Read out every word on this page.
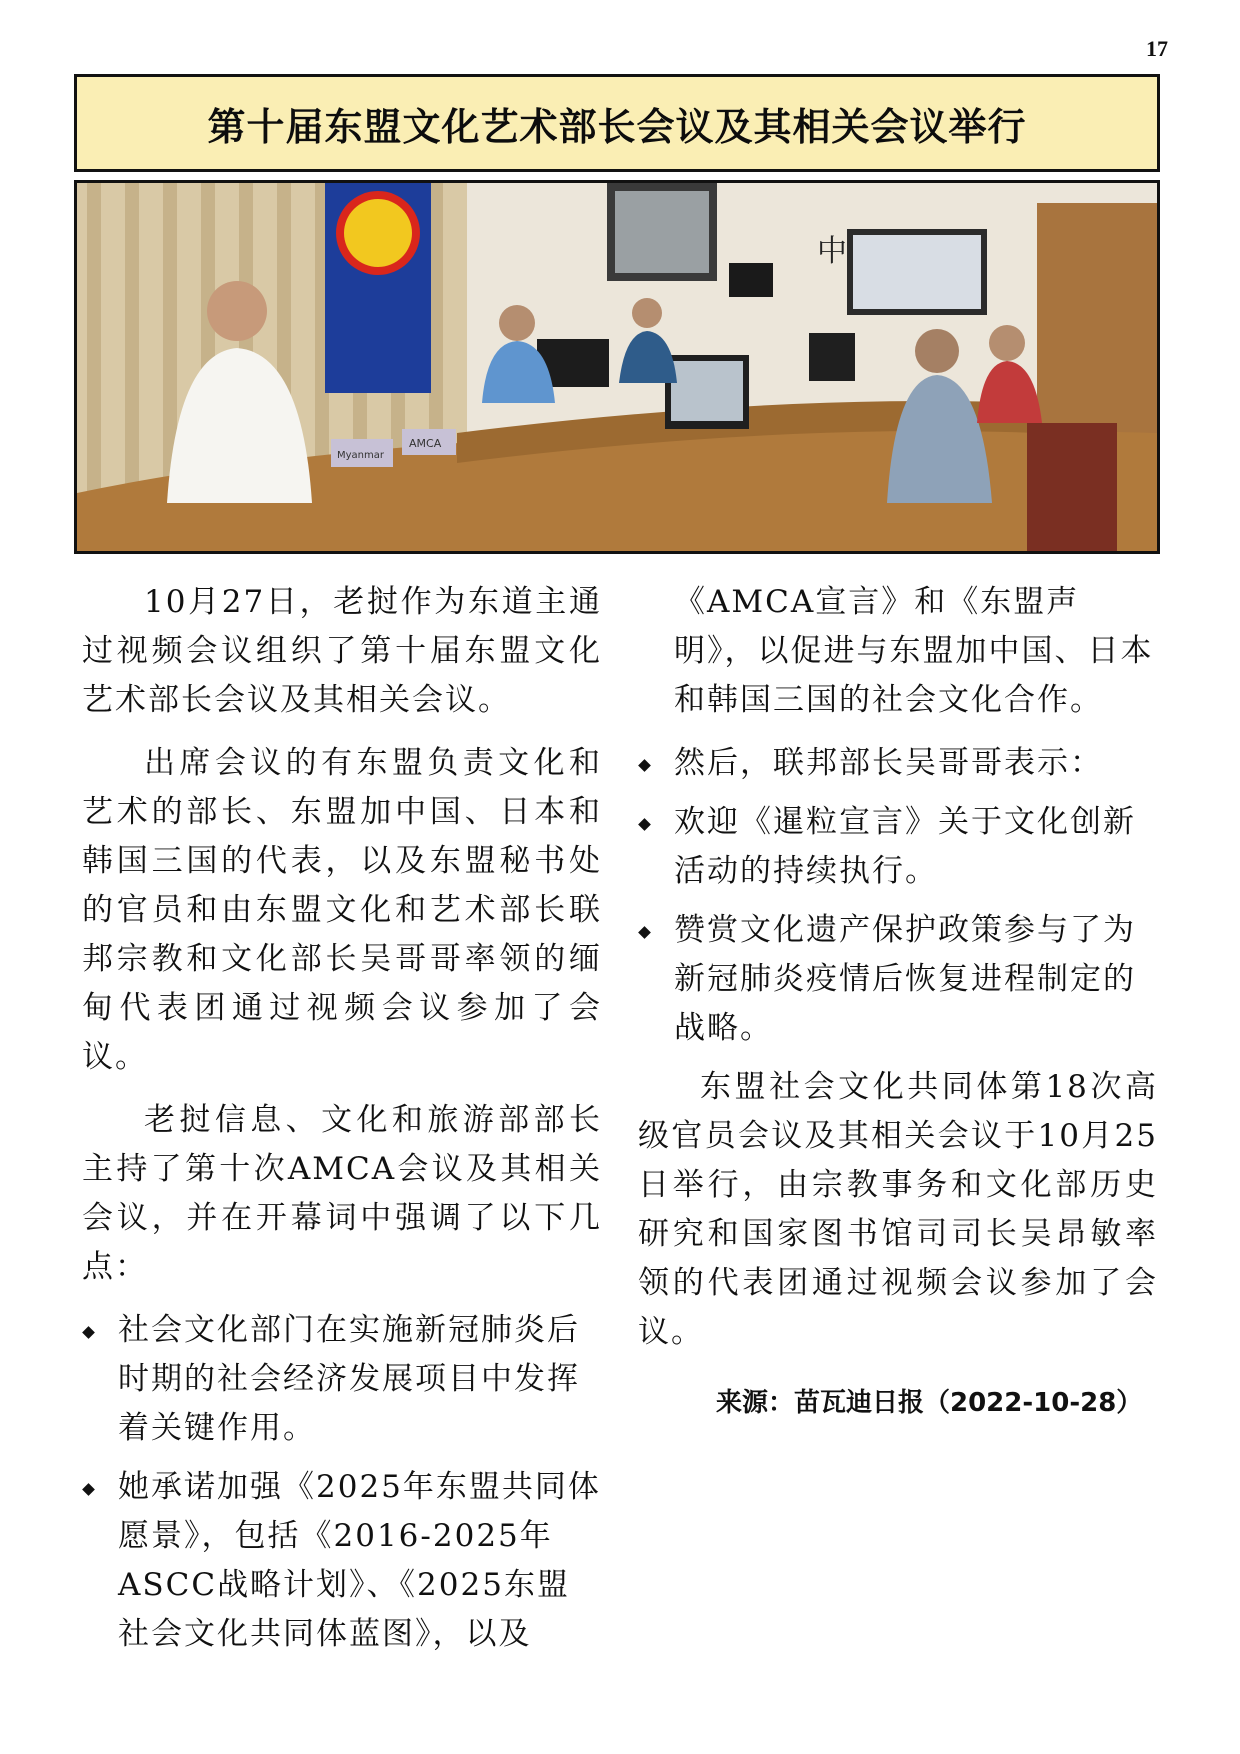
17
第十届东盟文化艺术部长会议及其相关会议举行
中
Myanmar
AMCA

10月27日，老挝作为东道主通过视频会议组织了第十届东盟文化艺术部长会议及其相关会议。

出席会议的有东盟负责文化和艺术的部长、东盟加中国、日本和韩国三国的代表，以及东盟秘书处的官员和由东盟文化和艺术部长联邦宗教和文化部长吴哥哥率领的缅甸代表团通过视频会议参加了会议。

老挝信息、文化和旅游部部长主持了第十次AMCA会议及其相关会议，并在开幕词中强调了以下几点：

社会文化部门在实施新冠肺炎后时期的社会经济发展项目中发挥着关键作用。
她承诺加强《2025年东盟共同体愿景》，包括《2016-2025年ASCC战略计划》、《2025东盟社会文化共同体蓝图》，以及

《AMCA宣言》和《东盟声明》，以促进与东盟加中国、日本和韩国三国的社会文化合作。

然后，联邦部长吴哥哥表示：
欢迎《暹粒宣言》关于文化创新活动的持续执行。
赞赏文化遗产保护政策参与了为新冠肺炎疫情后恢复进程制定的战略。

东盟社会文化共同体第18次高级官员会议及其相关会议于10月25日举行，由宗教事务和文化部历史研究和国家图书馆司司长吴昂敏率领的代表团通过视频会议参加了会议。

来源：苗瓦迪日报（2022-10-28）
